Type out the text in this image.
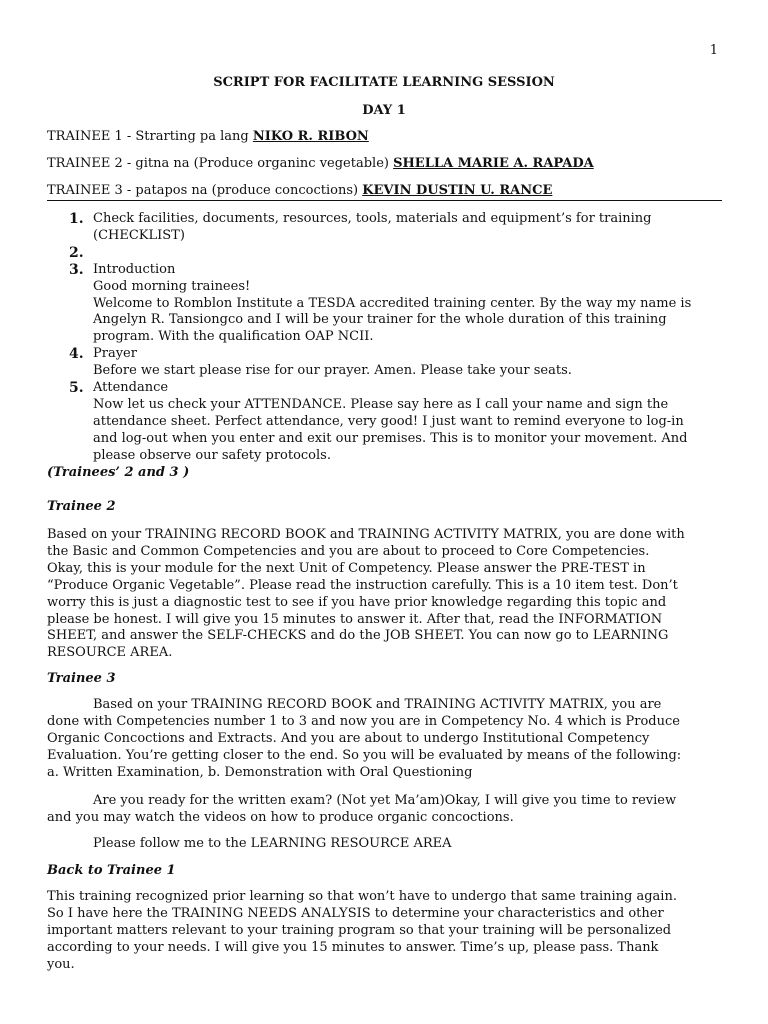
1
SCRIPT FOR FACILITATE LEARNING SESSION
DAY 1
TRAINEE 1 - Strarting pa lang NIKO R. RIBON
TRAINEE 2 - gitna na (Produce organinc vegetable) SHELLA MARIE A. RAPADA
TRAINEE 3 - patapos na (produce concoctions) KEVIN DUSTIN U. RANCE
1. Check facilities, documents, resources, tools, materials and equipment’s for training
(CHECKLIST)
2.

3. Introduction
Good morning trainees!
Welcome to Romblon Institute a TESDA accredited training center. By the way my name is
Angelyn R. Tansiongco and I will be your trainer for the whole duration of this training
program. With the qualification OAP NCII.
4. Prayer
Before we start please rise for our prayer. Amen. Please take your seats.
5. Attendance
Now let us check your ATTENDANCE. Please say here as I call your name and sign the
attendance sheet. Perfect attendance, very good! I just want to remind everyone to log-in
and log-out when you enter and exit our premises. This is to monitor your movement. And
please observe our safety protocols.
(Trainees’ 2 and 3 )
Trainee 2
Based on your TRAINING RECORD BOOK and TRAINING ACTIVITY MATRIX, you are done with
the Basic and Common Competencies and you are about to proceed to Core Competencies.
Okay, this is your module for the next Unit of Competency. Please answer the PRE-TEST in
“Produce Organic Vegetable”. Please read the instruction carefully. This is a 10 item test. Don’t
worry this is just a diagnostic test to see if you have prior knowledge regarding this topic and
please be honest. I will give you 15 minutes to answer it. After that, read the INFORMATION
SHEET, and answer the SELF-CHECKS and do the JOB SHEET. You can now go to LEARNING
RESOURCE AREA.
Trainee 3
Based on your TRAINING RECORD BOOK and TRAINING ACTIVITY MATRIX, you are
done with Competencies number 1 to 3 and now you are in Competency No. 4 which is Produce
Organic Concoctions and Extracts. And you are about to undergo Institutional Competency
Evaluation. You’re getting closer to the end. So you will be evaluated by means of the following:
a. Written Examination, b. Demonstration with Oral Questioning
Are you ready for the written exam? (Not yet Ma’am)Okay, I will give you time to review
and you may watch the videos on how to produce organic concoctions.
Please follow me to the LEARNING RESOURCE AREA
Back to Trainee 1
This training recognized prior learning so that won’t have to undergo that same training again.
So I have here the TRAINING NEEDS ANALYSIS to determine your characteristics and other
important matters relevant to your training program so that your training will be personalized
according to your needs. I will give you 15 minutes to answer. Time’s up, please pass. Thank
you.
